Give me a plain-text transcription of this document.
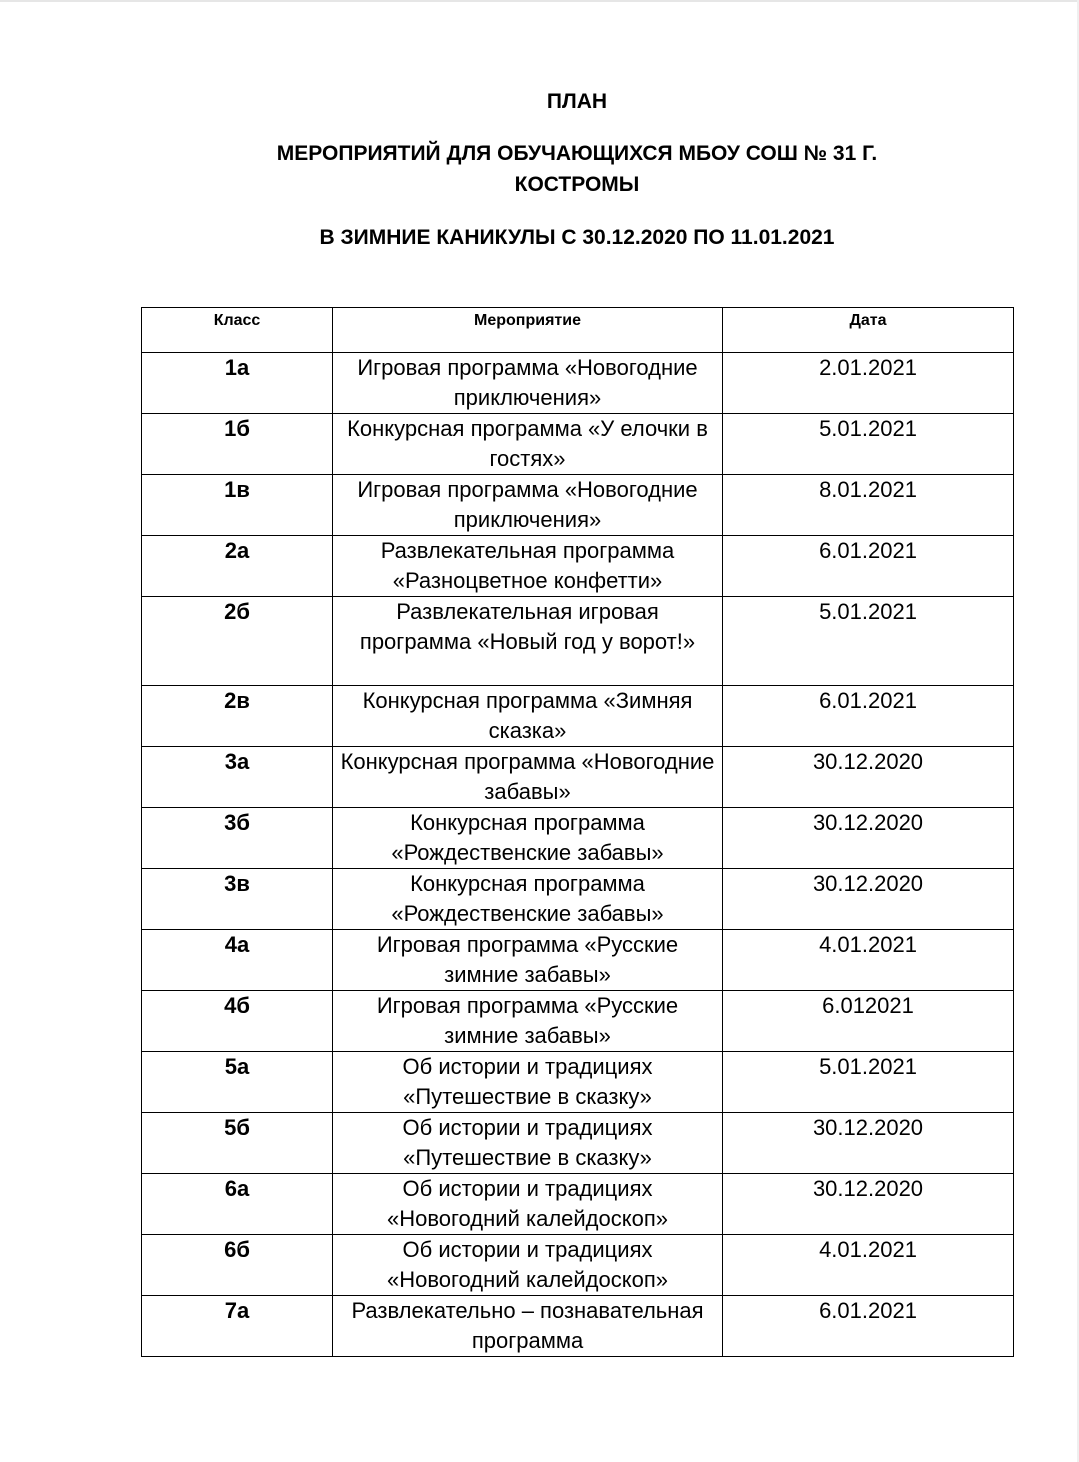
ПЛАН
МЕРОПРИЯТИЙ ДЛЯ ОБУЧАЮЩИХСЯ МБОУ СОШ № 31 Г.
КОСТРОМЫ
В ЗИМНИЕ КАНИКУЛЫ С 30.12.2020 ПО 11.01.2021
Класс	Мероприятие	Дата
1а	Игровая программа «Новогодние приключения»	2.01.2021
1б	Конкурсная программа «У елочки в гостях»	5.01.2021
1в	Игровая программа «Новогодние приключения»	8.01.2021
2а	Развлекательная программа «Разноцветное конфетти»	6.01.2021
2б	Развлекательная игровая программа «Новый год у ворот!»	5.01.2021
2в	Конкурсная программа «Зимняя сказка»	6.01.2021
3а	Конкурсная программа «Новогодние забавы»	30.12.2020
3б	Конкурсная программа «Рождественские забавы»	30.12.2020
3в	Конкурсная программа «Рождественские забавы»	30.12.2020
4а	Игровая программа «Русские зимние забавы»	4.01.2021
4б	Игровая программа «Русские зимние забавы»	6.012021
5а	Об истории и традициях «Путешествие в сказку»	5.01.2021
5б	Об истории и традициях «Путешествие в сказку»	30.12.2020
6а	Об истории и традициях «Новогодний калейдоскоп»	30.12.2020
6б	Об истории и традициях «Новогодний калейдоскоп»	4.01.2021
7а	Развлекательно – познавательная программа	6.01.2021
